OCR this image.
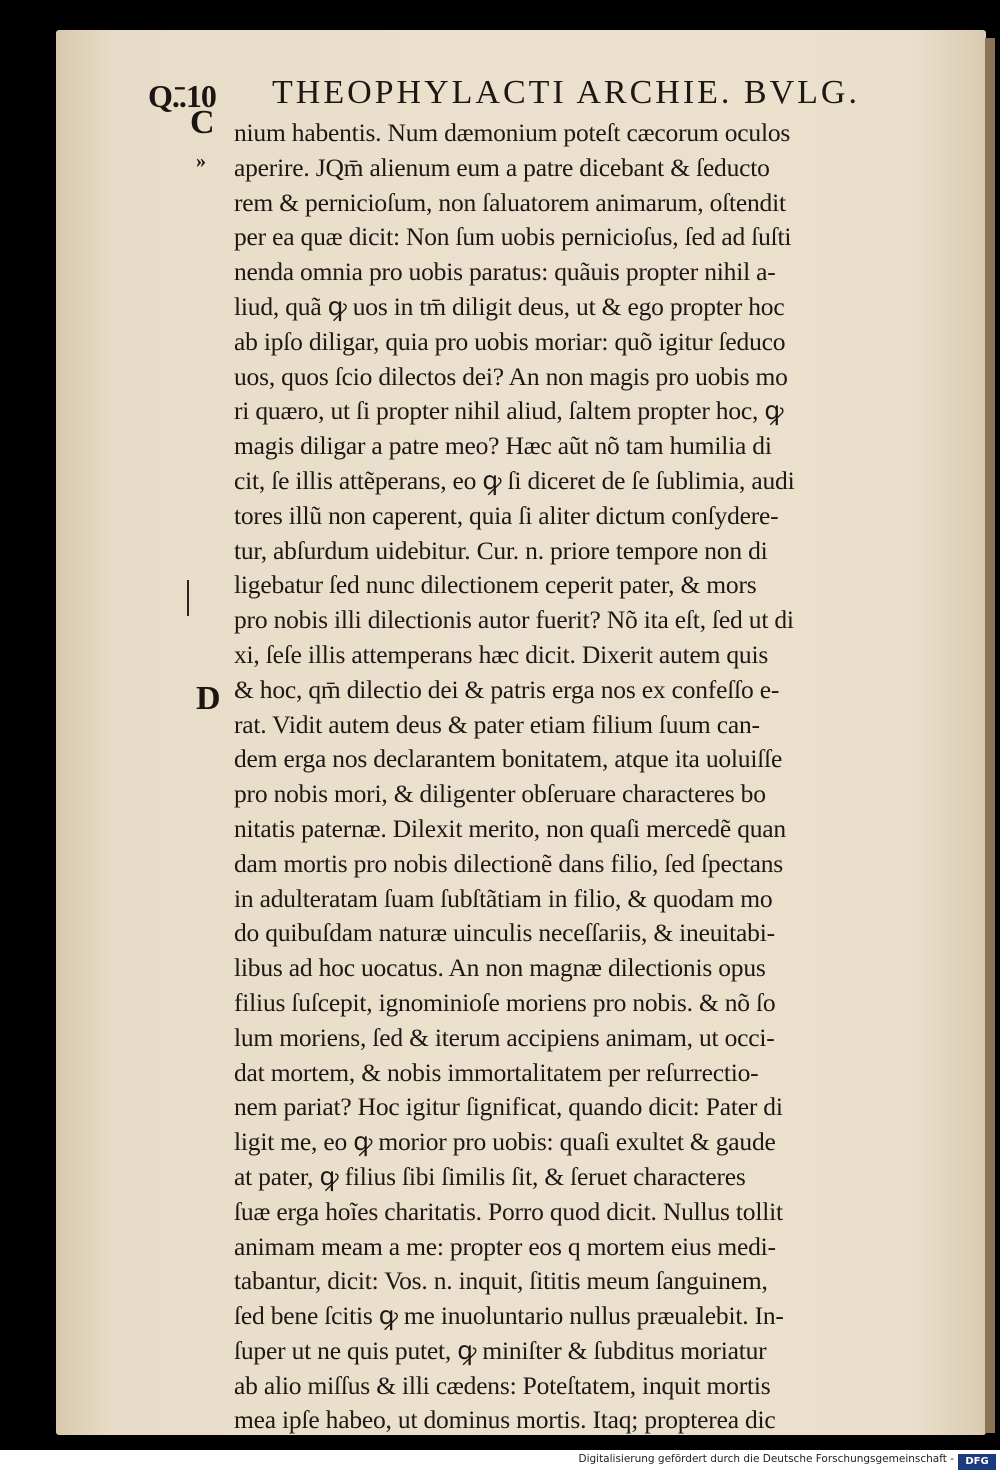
Q.̄.10 THEOPHYLACTI ARCHIE. BVLG.
C
»
D
nium habentis. Num dæmonium poteſt cæcorum oculos
aperire. JQm̄ alienum eum a patre dicebant & ſeducto
rem & pernicioſum, non ſaluatorem animarum, oſtendit
per ea quæ dicit: Non ſum uobis pernicioſus, ſed ad ſuſti
nenda omnia pro uobis paratus: quãuis propter nihil a-
liud, quã ꝙ uos in tm̄ diligit deus, ut & ego propter hoc
ab ipſo diligar, quia pro uobis moriar: quõ igitur ſeduco
uos, quos ſcio dilectos dei? An non magis pro uobis mo
ri quæro, ut ſi propter nihil aliud, ſaltem propter hoc, ꝙ
magis diligar a patre meo? Hæc aũt nõ tam humilia di
cit, ſe illis attẽperans, eo ꝙ ſi diceret de ſe ſublimia, audi
tores illũ non caperent, quia ſi aliter dictum conſydere-
tur, abſurdum uidebitur. Cur. n. priore tempore non di
ligebatur ſed nunc dilectionem ceperit pater, & mors
pro nobis illi dilectionis autor fuerit? Nõ ita eſt, ſed ut di
xi, ſeſe illis attemperans hæc dicit. Dixerit autem quis
& hoc, qm̄ dilectio dei & patris erga nos ex confeſſo e-
rat. Vidit autem deus & pater etiam filium ſuum can-
dem erga nos declarantem bonitatem, atque ita uoluiſſe
pro nobis mori, & diligenter obſeruare characteres bo
nitatis paternæ. Dilexit merito, non quaſi mercedẽ quan
dam mortis pro nobis dilectionẽ dans filio, ſed ſpectans
in adulteratam ſuam ſubſtãtiam in filio, & quodam mo
do quibuſdam naturæ uinculis neceſſariis, & ineuitabi-
libus ad hoc uocatus. An non magnæ dilectionis opus
filius ſuſcepit, ignominioſe moriens pro nobis. & nõ ſo
lum moriens, ſed & iterum accipiens animam, ut occi-
dat mortem, & nobis immortalitatem per reſurrectio-
nem pariat? Hoc igitur ſignificat, quando dicit: Pater di
ligit me, eo ꝙ morior pro uobis: quaſi exultet & gaude
at pater, ꝙ filius ſibi ſimilis ſit, & ſeruet characteres
ſuæ erga hoĩes charitatis. Porro quod dicit. Nullus tollit
animam meam a me: propter eos q mortem eius medi-
tabantur, dicit: Vos. n. inquit, ſititis meum ſanguinem,
ſed bene ſcitis ꝙ me inuoluntario nullus præualebit. In-
ſuper ut ne quis putet, ꝙ miniſter & ſubditus moriatur
ab alio miſſus & illi cædens: Poteſtatem, inquit mortis
mea ipſe habeo, ut dominus mortis. Itaq; propterea dic
Digitalisierung gefördert durch die Deutsche Forschungsgemeinschaft -	DFG
